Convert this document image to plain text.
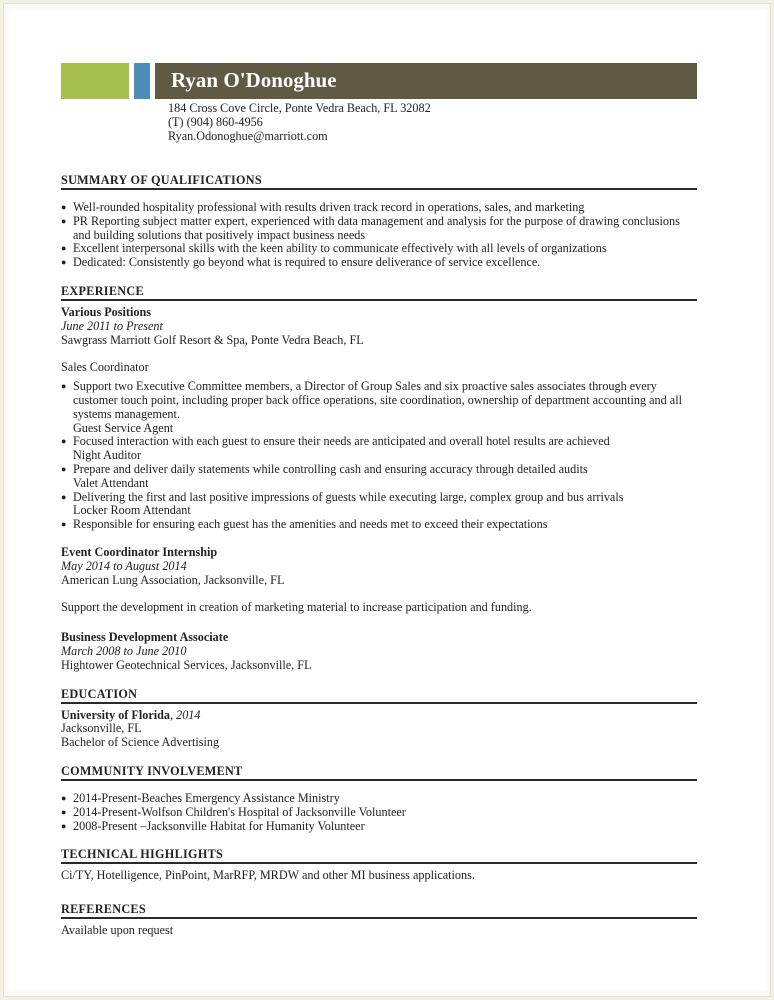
Ryan O'Donoghue
184 Cross Cove Circle, Ponte Vedra Beach, FL 32082
(T) (904) 860-4956
Ryan.Odonoghue@marriott.com
SUMMARY OF QUALIFICATIONS
● Well-rounded hospitality professional with results driven track record in operations, sales, and marketing
● PR Reporting subject matter expert, experienced with data management and analysis for the purpose of drawing conclusions and building solutions that positively impact business needs
● Excellent interpersonal skills with the keen ability to communicate effectively with all levels of organizations
● Dedicated: Consistently go beyond what is required to ensure deliverance of service excellence.
EXPERIENCE
Various Positions
June 2011 to Present
Sawgrass Marriott Golf Resort & Spa, Ponte Vedra Beach, FL
Sales Coordinator
● Support two Executive Committee members, a Director of Group Sales and six proactive sales associates through every customer touch point, including proper back office operations, site coordination, ownership of department accounting and all systems management.
Guest Service Agent
● Focused interaction with each guest to ensure their needs are anticipated and overall hotel results are achieved
Night Auditor
● Prepare and deliver daily statements while controlling cash and ensuring accuracy through detailed audits
Valet Attendant
● Delivering the first and last positive impressions of guests while executing large, complex group and bus arrivals
Locker Room Attendant
● Responsible for ensuring each guest has the amenities and needs met to exceed their expectations
Event Coordinator Internship
May 2014 to August 2014
American Lung Association, Jacksonville, FL
Support the development in creation of marketing material to increase participation and funding.
Business Development Associate
March 2008 to June 2010
Hightower Geotechnical Services, Jacksonville, FL
EDUCATION
University of Florida, 2014
Jacksonville, FL
Bachelor of Science Advertising
COMMUNITY INVOLVEMENT
● 2014-Present-Beaches Emergency Assistance Ministry
● 2014-Present-Wolfson Children's Hospital of Jacksonville Volunteer
● 2008-Present –Jacksonville Habitat for Humanity Volunteer
TECHNICAL HIGHLIGHTS
Ci/TY, Hotelligence, PinPoint, MarRFP, MRDW and other MI business applications.
REFERENCES
Available upon request
